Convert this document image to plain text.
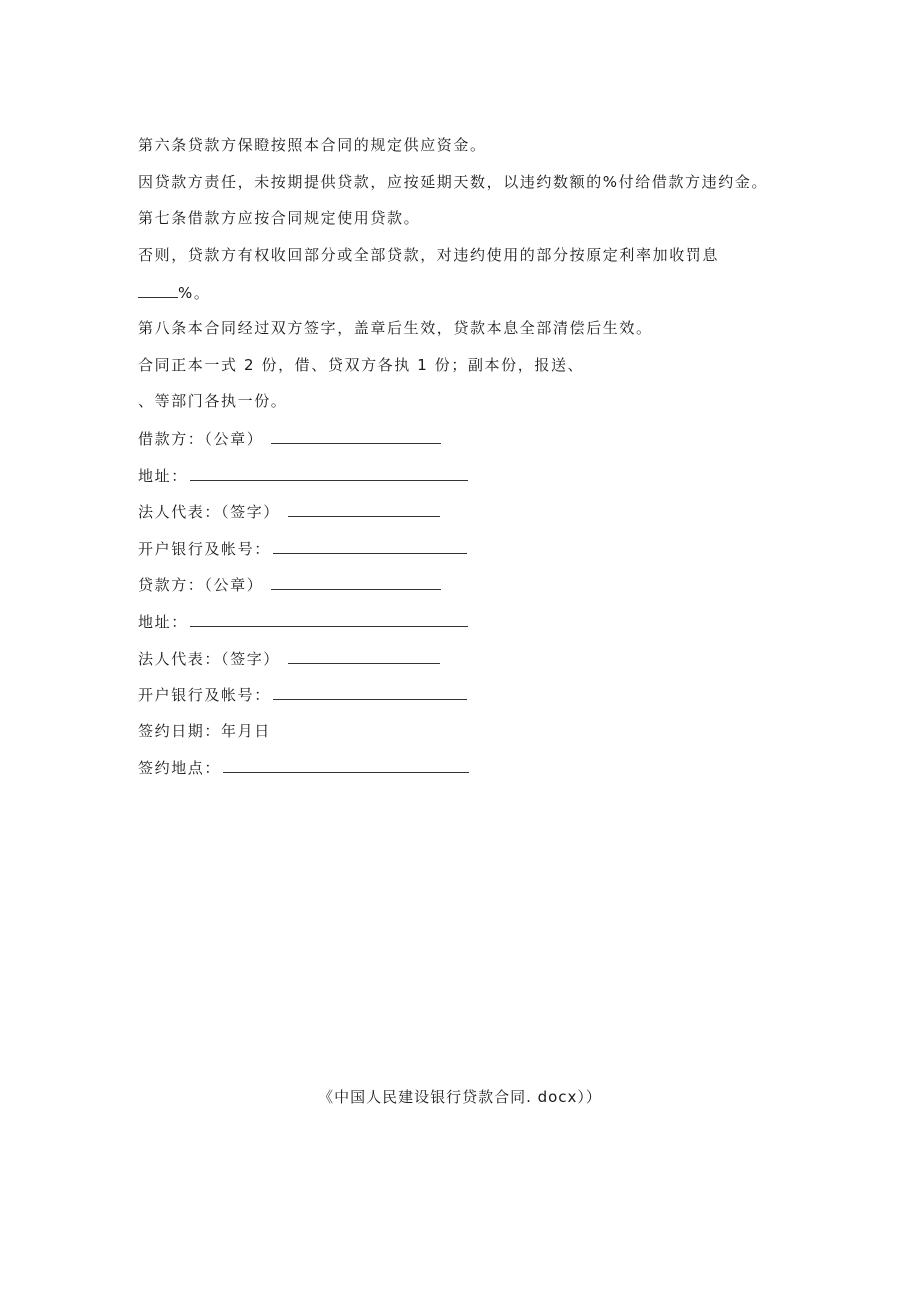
第六条贷款方保瞪按照本合同的规定供应资金。
因贷款方责任，未按期提供贷款，应按延期天数，以违约数额的%付给借款方违约金。
第七条借款方应按合同规定使用贷款。
否则，贷款方有权收回部分或全部贷款，对违约使用的部分按原定利率加收罚息
%。
第八条本合同经过双方签字，盖章后生效，贷款本息全部清偿后生效。
合同正本一式 2 份，借、贷双方各执 1 份；副本份，报送、
、等部门各执一份。
借款方：（公章）
地址：
法人代表：（签字）
开户银行及帐号：
贷款方：（公章）
地址：
法人代表：（签字）
开户银行及帐号：
签约日期：年月日
签约地点：
《中国人民建设银行贷款合同. docx））
